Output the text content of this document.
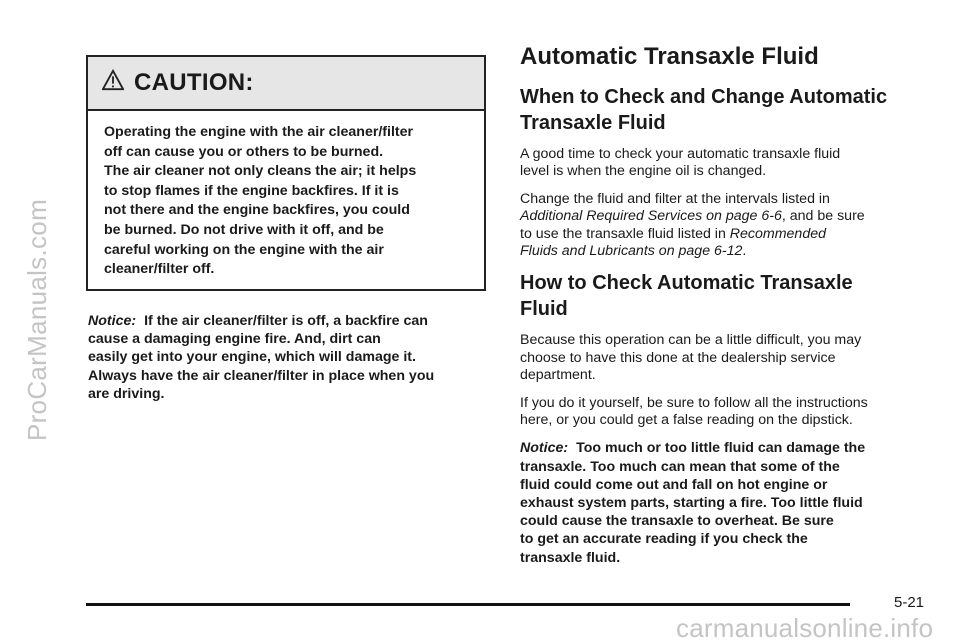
ProCarManuals.com
CAUTION:

Operating the engine with the air cleaner/filter

off can cause you or others to be burned.

The air cleaner not only cleans the air; it helps

to stop flames if the engine backfires. If it is

not there and the engine backfires, you could

be burned. Do not drive with it off, and be

careful working on the engine with the air

cleaner/filter off.

Notice: If the air cleaner/filter is off, a backfire can
cause a damaging engine fire. And, dirt can
easily get into your engine, which will damage it.
Always have the air cleaner/filter in place when you
are driving.
Automatic Transaxle Fluid
When to Check and Change Automatic
Transaxle Fluid
A good time to check your automatic transaxle fluid
level is when the engine oil is changed.
Change the fluid and filter at the intervals listed in
Additional Required Services on page 6-6, and be sure
to use the transaxle fluid listed in Recommended
Fluids and Lubricants on page 6-12.
How to Check Automatic Transaxle
Fluid
Because this operation can be a little difficult, you may
choose to have this done at the dealership service
department.
If you do it yourself, be sure to follow all the instructions
here, or you could get a false reading on the dipstick.
Notice: Too much or too little fluid can damage the
transaxle. Too much can mean that some of the
fluid could come out and fall on hot engine or
exhaust system parts, starting a fire. Too little fluid
could cause the transaxle to overheat. Be sure
to get an accurate reading if you check the
transaxle fluid.
5-21
carmanualsonline.info
